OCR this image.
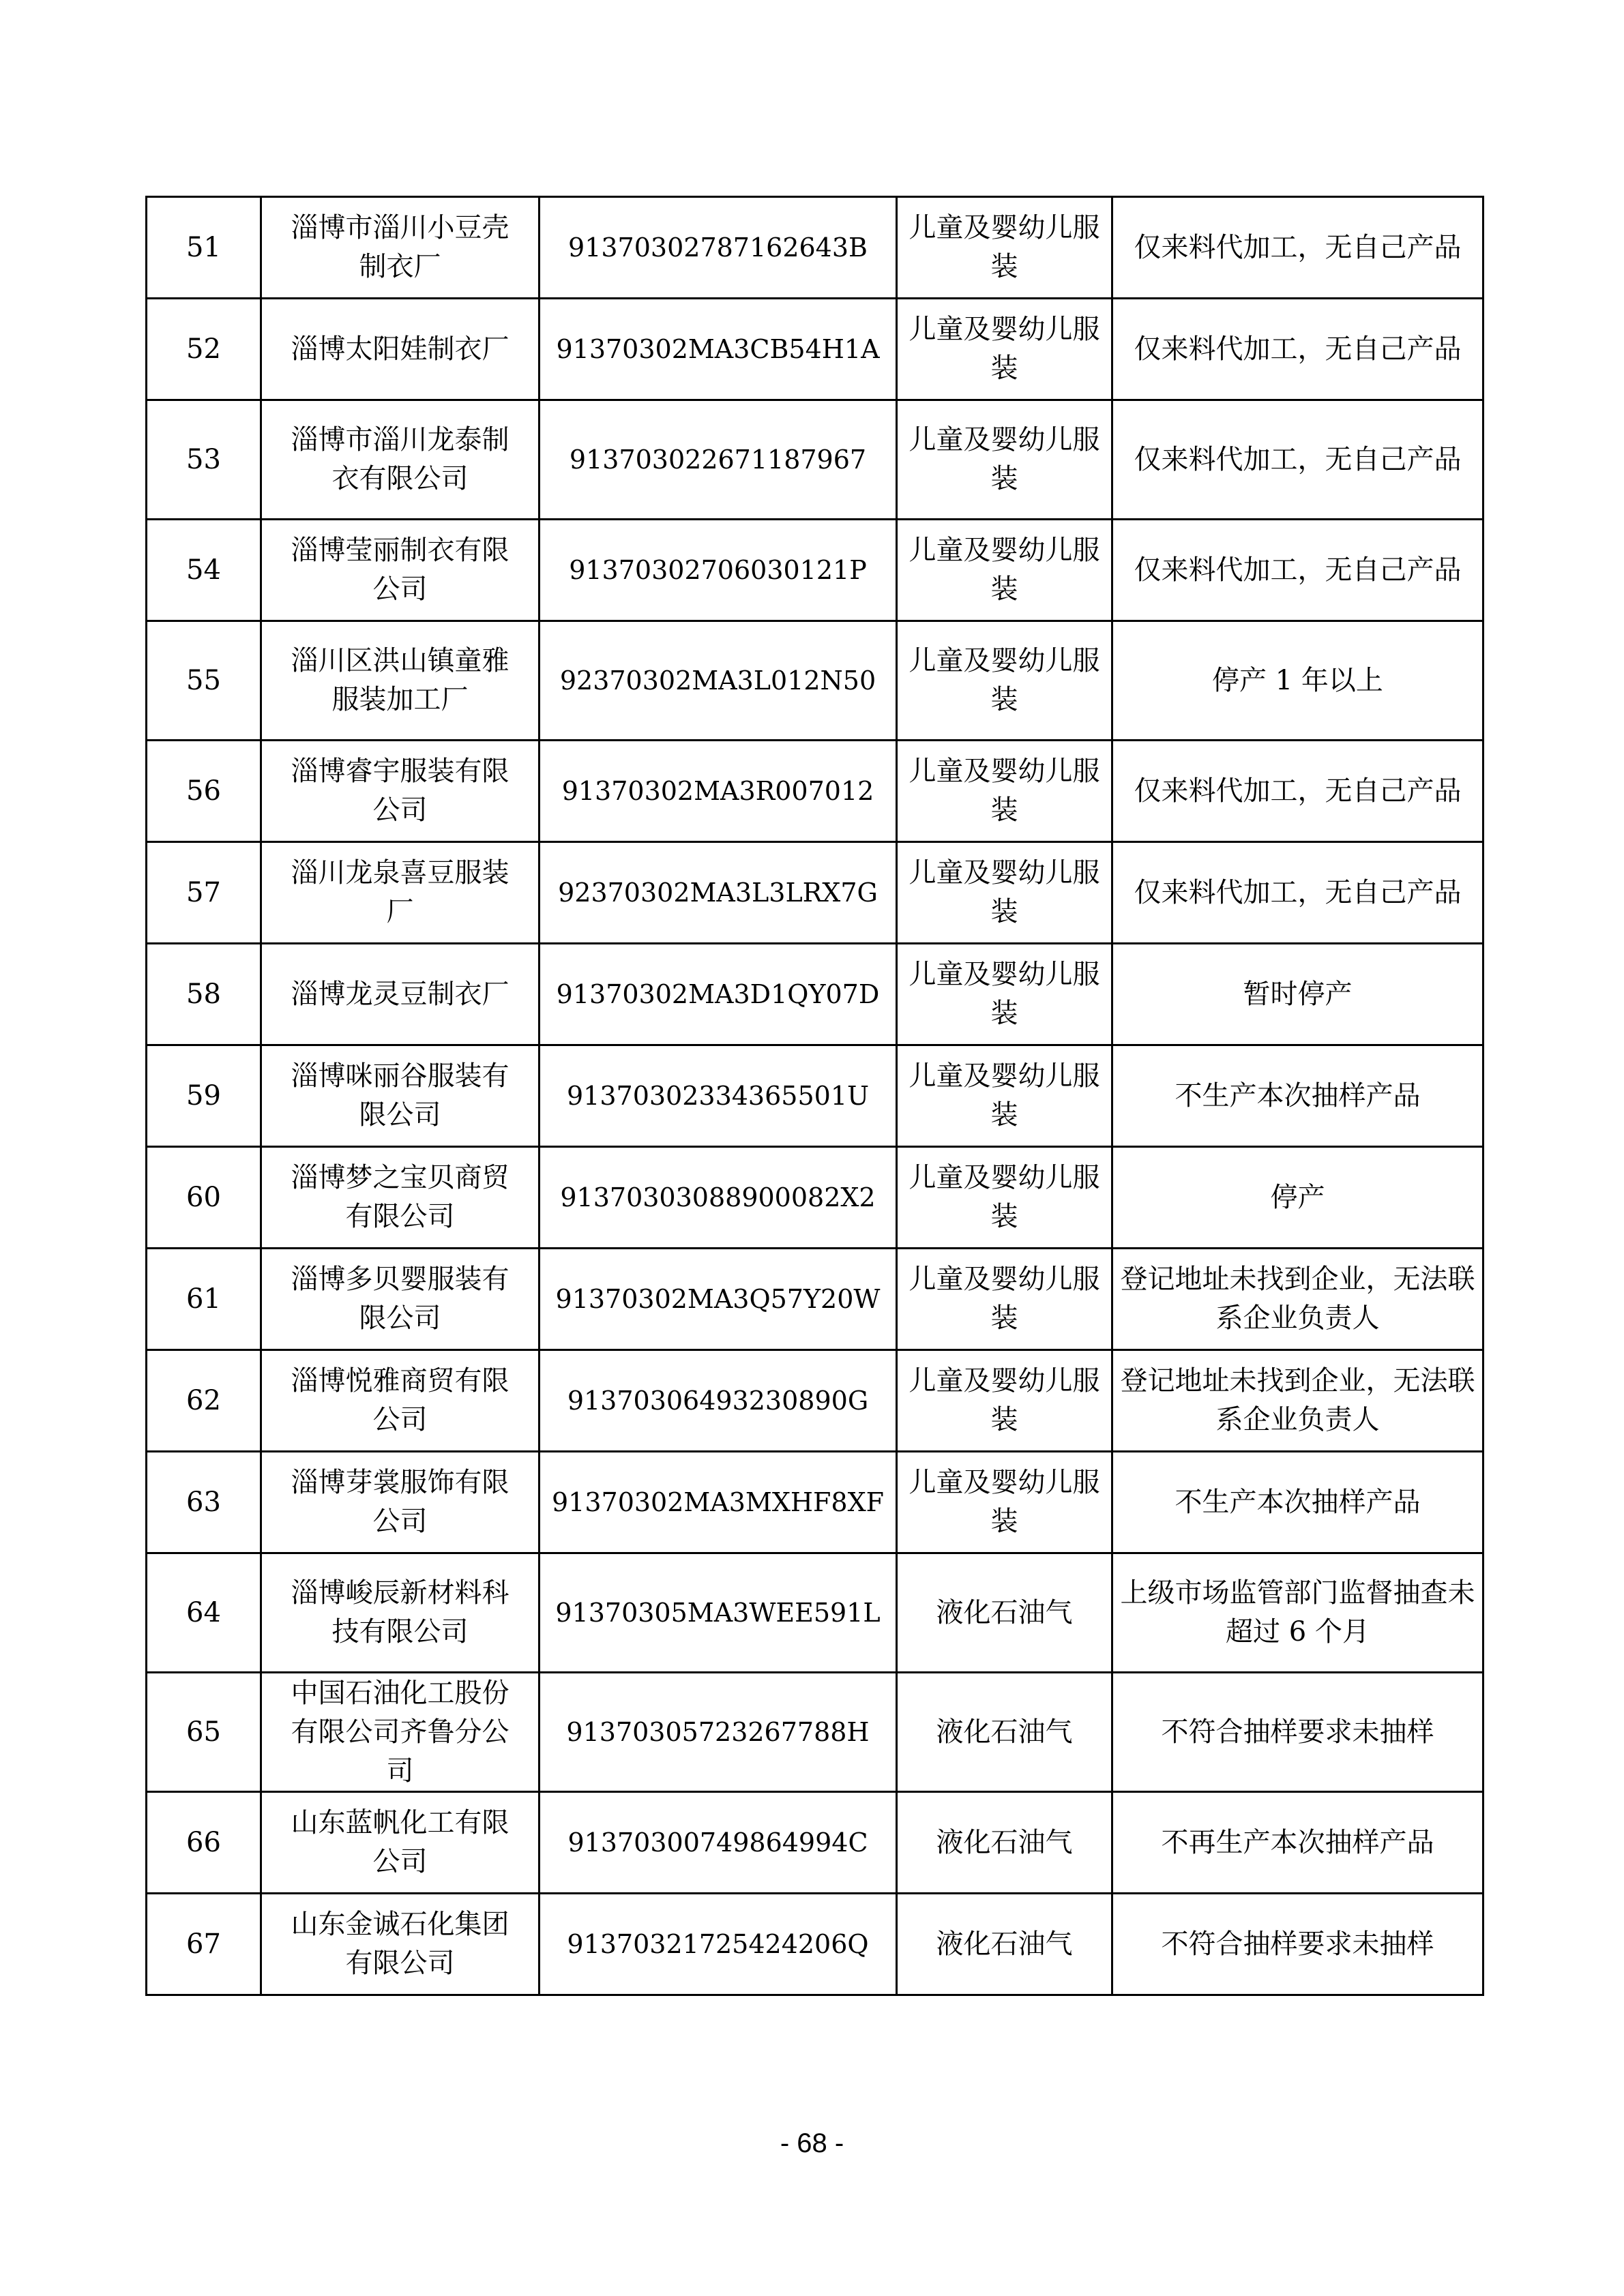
51	淄博市淄川小豆壳制衣厂	91370302787162643B	儿童及婴幼儿服装	仅来料代加工，无自己产品
52	淄博太阳娃制衣厂	91370302MA3CB54H1A	儿童及婴幼儿服装	仅来料代加工，无自己产品
53	淄博市淄川龙泰制衣有限公司	913703022671187967	儿童及婴幼儿服装	仅来料代加工，无自己产品
54	淄博莹丽制衣有限公司	91370302706030121P	儿童及婴幼儿服装	仅来料代加工，无自己产品
55	淄川区洪山镇童雅服装加工厂	92370302MA3L012N50	儿童及婴幼儿服装	停产 1 年以上
56	淄博睿宇服装有限公司	91370302MA3R007012	儿童及婴幼儿服装	仅来料代加工，无自己产品
57	淄川龙泉喜豆服装厂	92370302MA3L3LRX7G	儿童及婴幼儿服装	仅来料代加工，无自己产品
58	淄博龙灵豆制衣厂	91370302MA3D1QY07D	儿童及婴幼儿服装	暂时停产
59	淄博咪丽谷服装有限公司	91370302334365501U	儿童及婴幼儿服装	不生产本次抽样产品
60	淄博梦之宝贝商贸有限公司	91370303088900082X2	儿童及婴幼儿服装	停产
61	淄博多贝婴服装有限公司	91370302MA3Q57Y20W	儿童及婴幼儿服装	登记地址未找到企业，无法联系企业负责人
62	淄博悦雅商贸有限公司	91370306493230890G	儿童及婴幼儿服装	登记地址未找到企业，无法联系企业负责人
63	淄博芽裳服饰有限公司	91370302MA3MXHF8XF	儿童及婴幼儿服装	不生产本次抽样产品
64	淄博峻辰新材料科技有限公司	91370305MA3WEE591L	液化石油气	上级市场监管部门监督抽查未超过 6 个月
65	中国石油化工股份有限公司齐鲁分公司	91370305723267788H	液化石油气	不符合抽样要求未抽样
66	山东蓝帆化工有限公司	91370300749864994C	液化石油气	不再生产本次抽样产品
67	山东金诚石化集团有限公司	91370321725424206Q	液化石油气	不符合抽样要求未抽样
- 68 -
